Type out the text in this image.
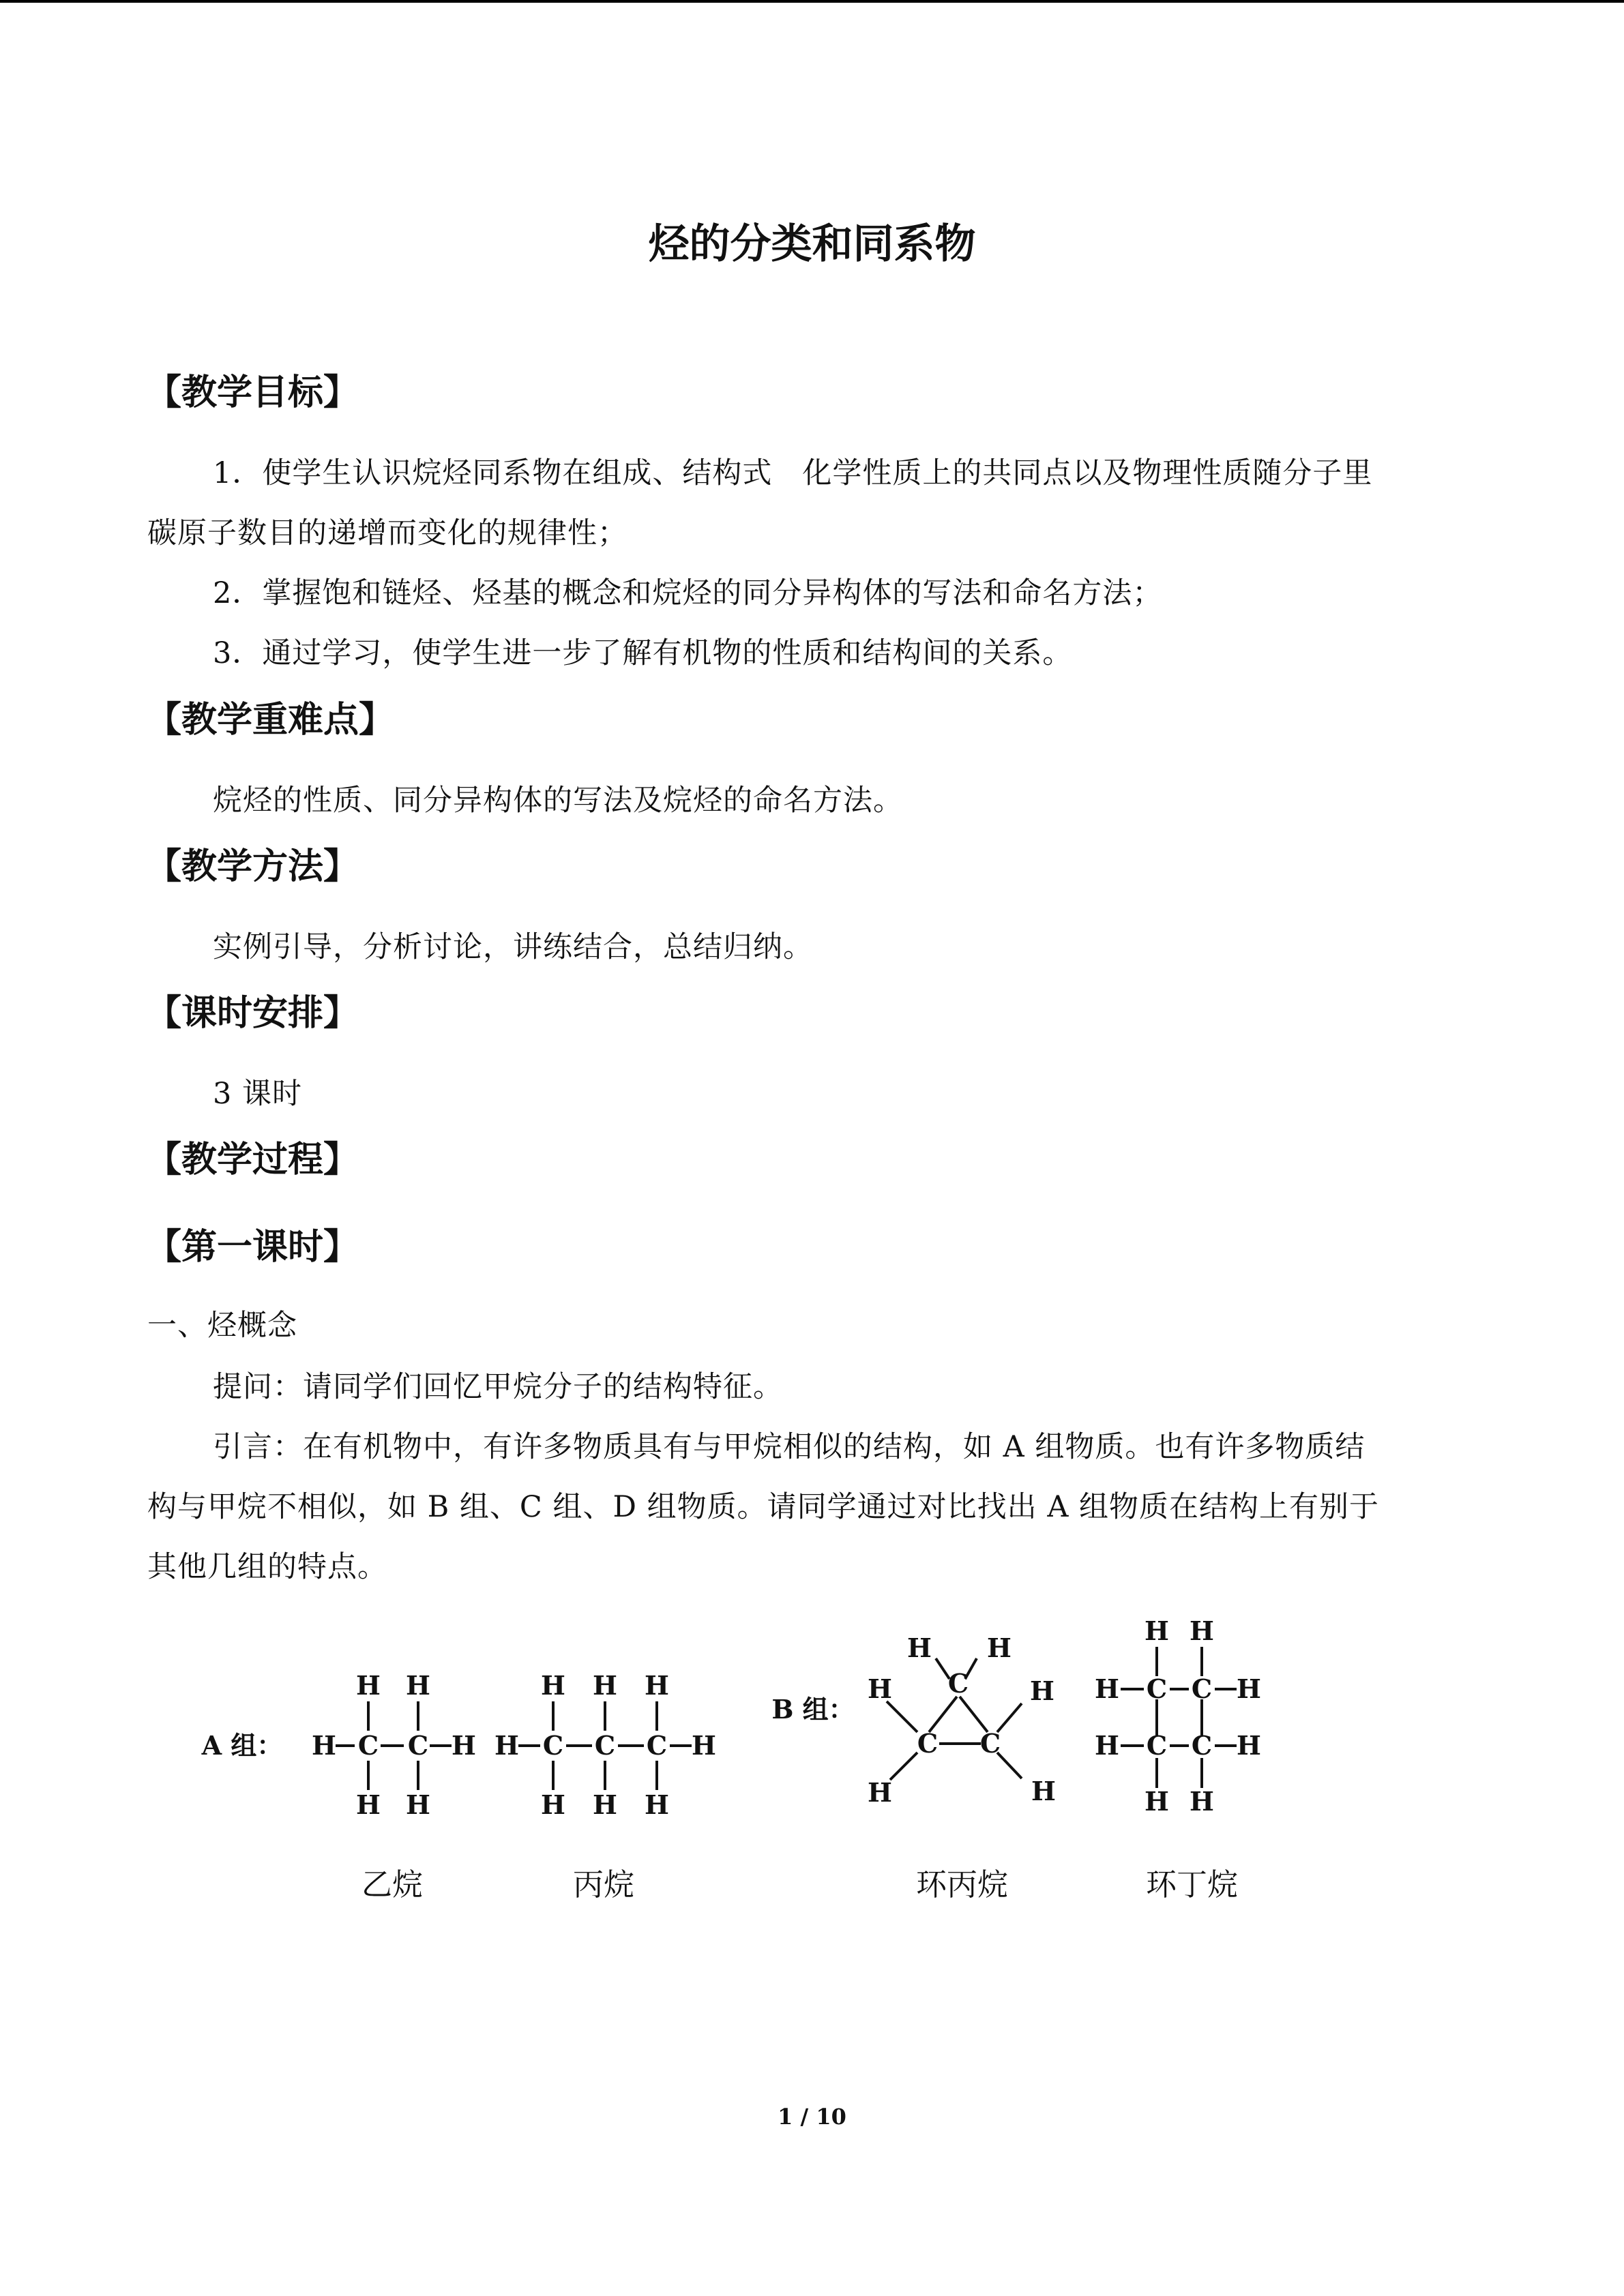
烃的分类和同系物
【教学目标】
1．使学生认识烷烃同系物在组成、结构式　化学性质上的共同点以及物理性质随分子里
碳原子数目的递增而变化的规律性；
2．掌握饱和链烃、烃基的概念和烷烃的同分异构体的写法和命名方法；
3．通过学习，使学生进一步了解有机物的性质和结构间的关系。
【教学重难点】
烷烃的性质、同分异构体的写法及烷烃的命名方法。
【教学方法】
实例引导，分析讨论，讲练结合，总结归纳。
【课时安排】
3 课时
【教学过程】
【第一课时】
一、烃概念
提问：请同学们回忆甲烷分子的结构特征。
引言：在有机物中，有许多物质具有与甲烷相似的结构，如 A 组物质。也有许多物质结
构与甲烷不相似，如 B 组、C 组、D 组物质。请同学通过对比找出 A 组物质在结构上有别于
其他几组的特点。
A 组： H C C H
H H
H H
H C C C H
H H H
H H H
B 组：
C
C C
H H
H	H
H	H
C C
C C
H	H
H	H
H H
H H
乙烷	丙烷	环丙烷	环丁烷
1 / 10
